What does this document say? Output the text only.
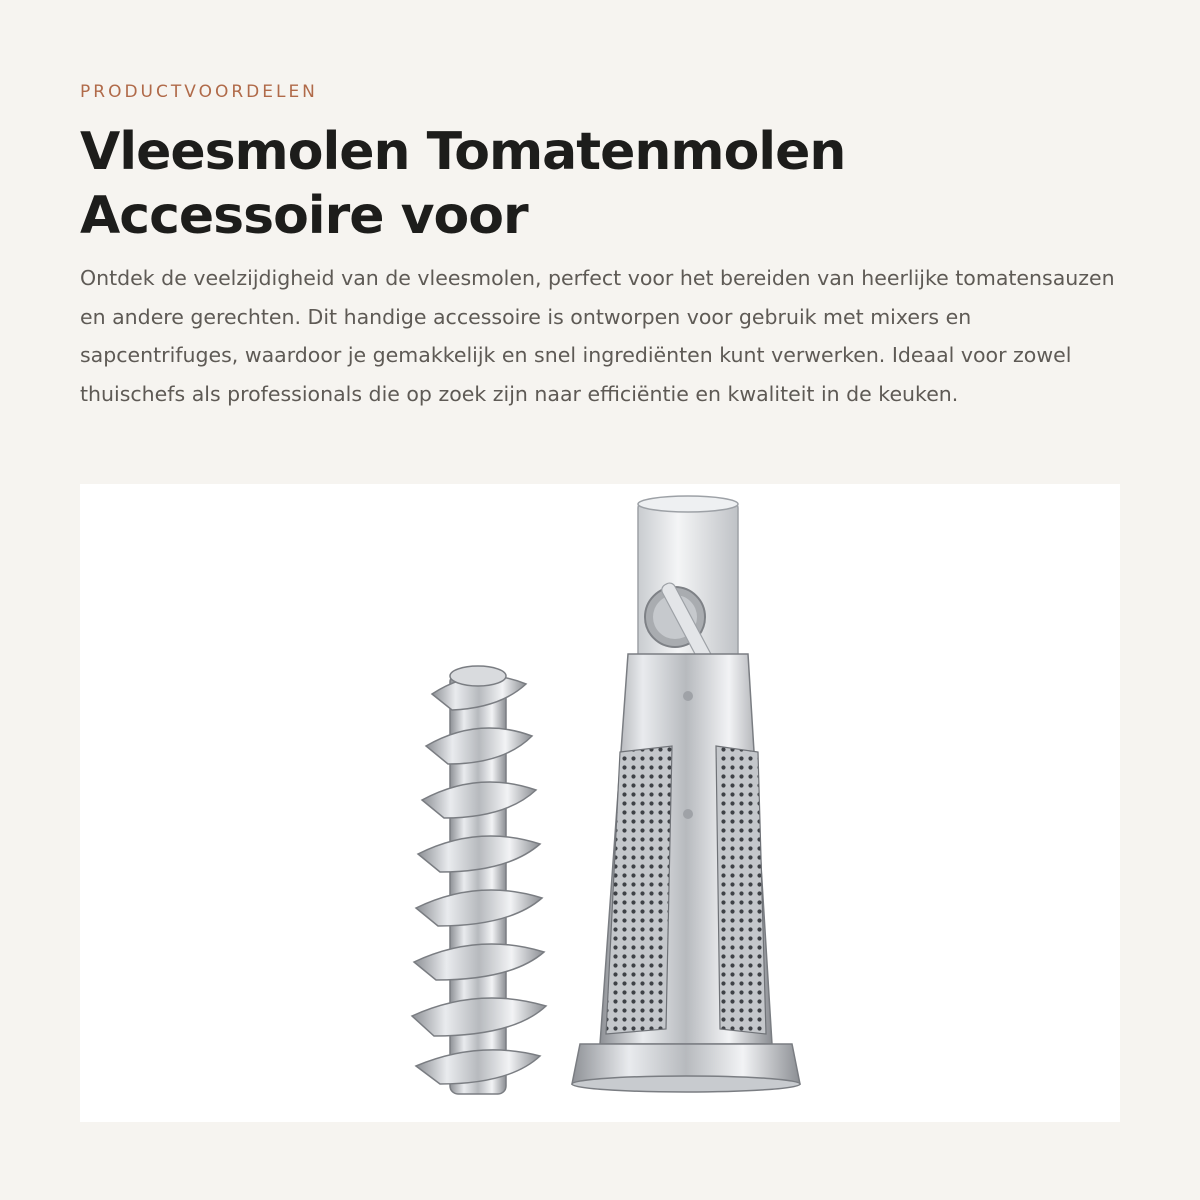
PRODUCTVOORDELEN
Vleesmolen Tomatenmolen
Accessoire voor

Ontdek de veelzijdigheid van de vleesmolen, perfect voor het bereiden van heerlijke tomatensauzen en andere gerechten. Dit handige accessoire is ontworpen voor gebruik met mixers en sapcentrifuges, waardoor je gemakkelijk en snel ingrediënten kunt verwerken. Ideaal voor zowel thuischefs als professionals die op zoek zijn naar efficiëntie en kwaliteit in de keuken.
